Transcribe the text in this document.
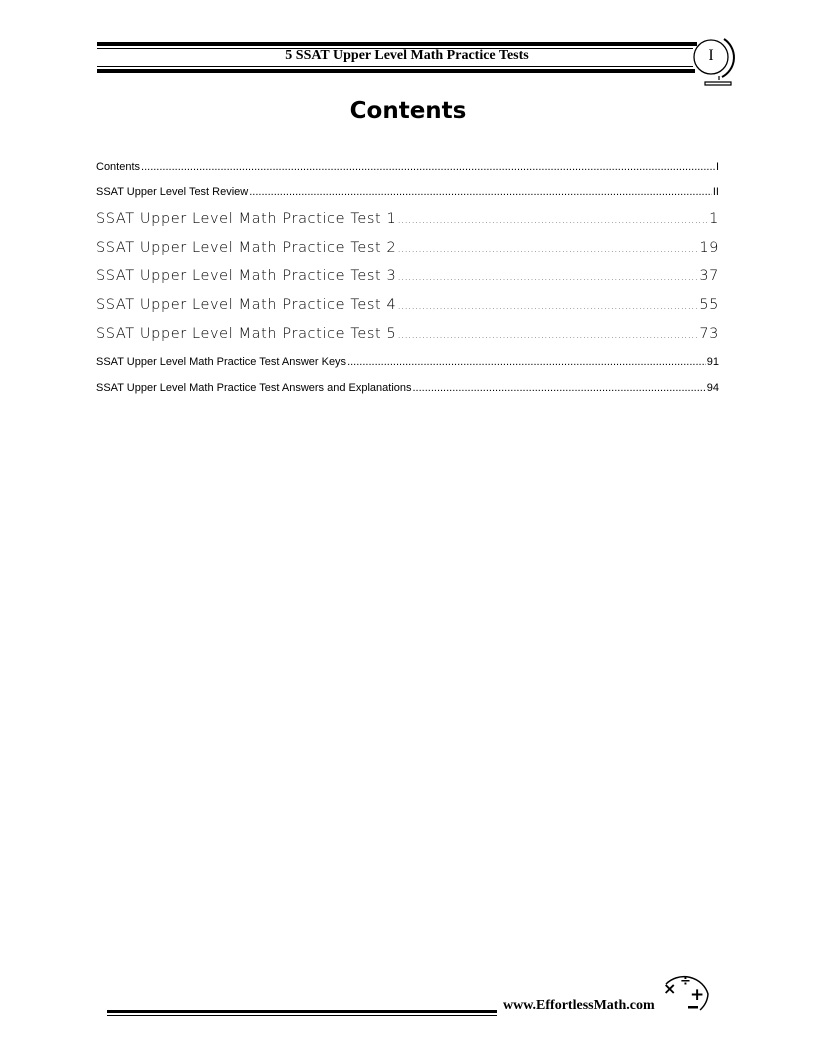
5 SSAT Upper Level Math Practice Tests	I
Contents
Contents .....	I
SSAT Upper Level Test Review .....	II
SSAT Upper Level Math Practice Test 1 .....	1
SSAT Upper Level Math Practice Test 2 .....	19
SSAT Upper Level Math Practice Test 3 .....	37
SSAT Upper Level Math Practice Test 4 .....	55
SSAT Upper Level Math Practice Test 5 .....	73
SSAT Upper Level Math Practice Test Answer Keys .....	91
SSAT Upper Level Math Practice Test Answers and Explanations .....	94
www.EffortlessMath.com
× ÷
+
